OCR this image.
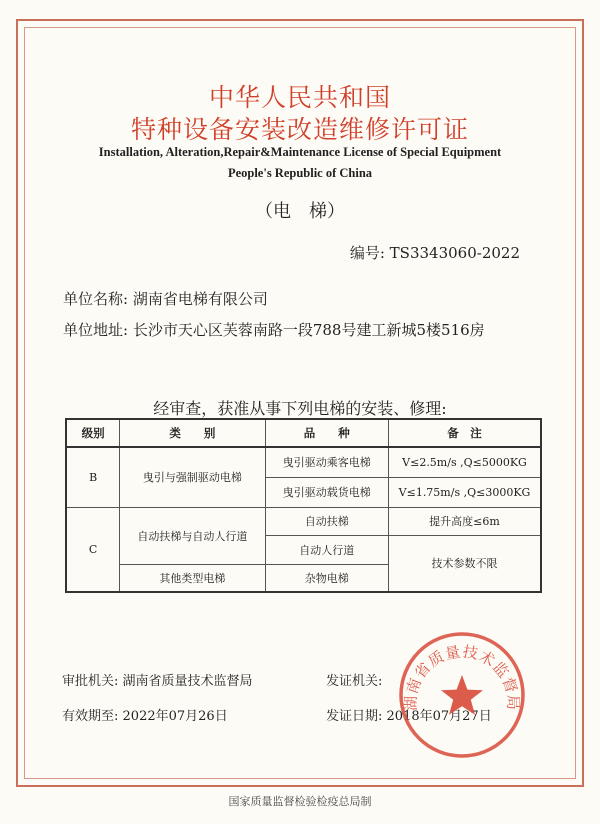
中华人民共和国
特种设备安装改造维修许可证
Installation, Alteration,Repair&Maintenance License of Special Equipment
People's Republic of China
（电　梯）
编号: TS3343060-2022
单位名称: 湖南省电梯有限公司
单位地址: 长沙市天心区芙蓉南路一段788号建工新城5楼516房
经审查，获准从事下列电梯的安装、修理:
级别	类　　别	品　　种	备　注
B	曳引与强制驱动电梯	曳引驱动乘客电梯	V≤2.5m/s ,Q≤5000KG
		曳引驱动载货电梯	V≤1.75m/s ,Q≤3000KG
C	自动扶梯与自动人行道	自动扶梯	提升高度≤6m
		自动人行道	技术参数不限
	其他类型电梯	杂物电梯	
审批机关: 湖南省质量技术监督局	发证机关:
有效期至: 2022年07月26日	发证日期: 2018年07月27日
湖南省质量技术监督局
国家质量监督检验检疫总局制
